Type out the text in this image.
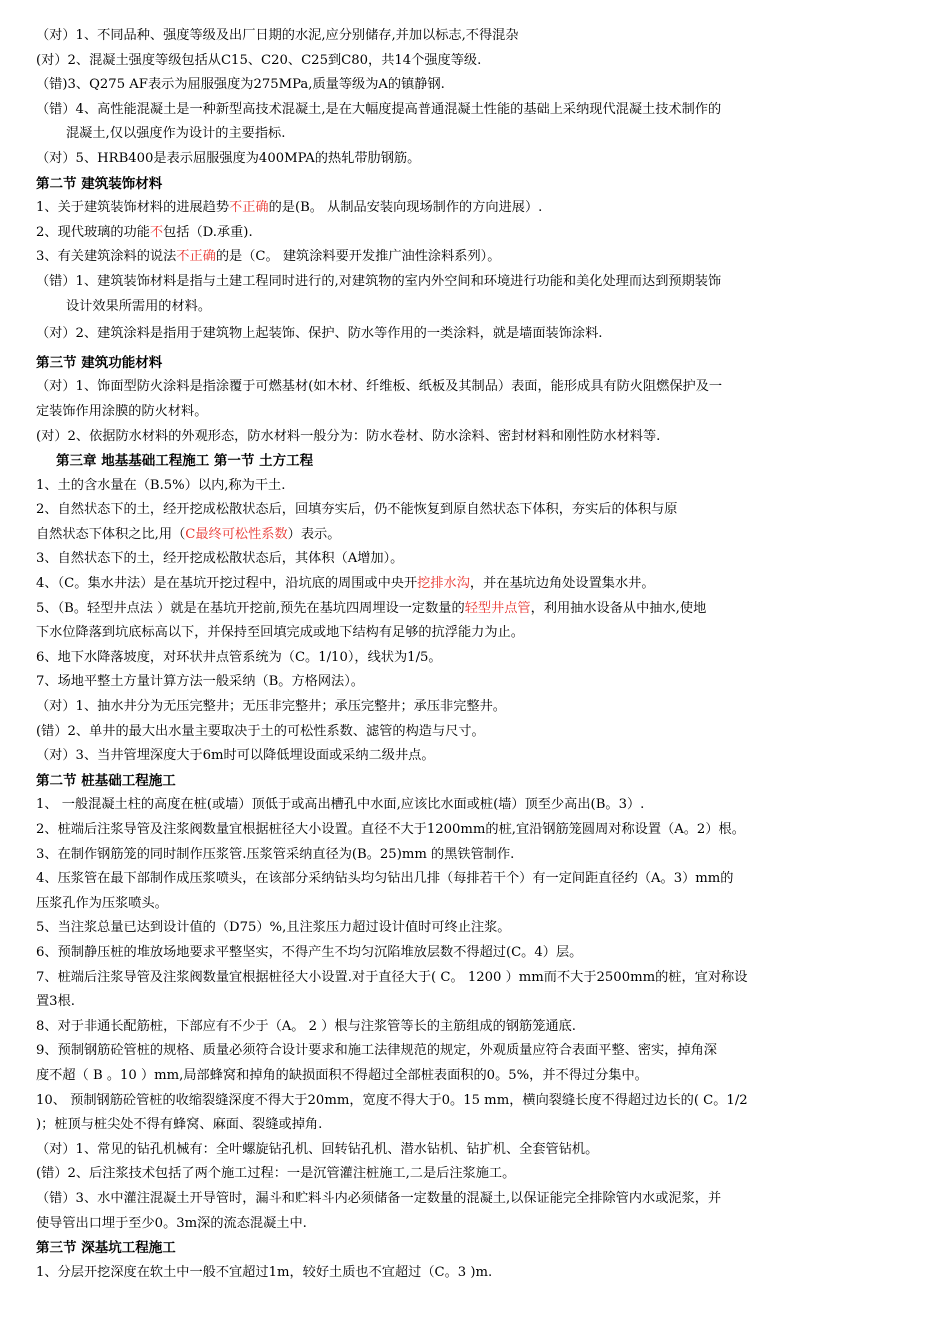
（对）1、不同品种、强度等级及出厂日期的水泥,应分别储存,并加以标志,不得混杂
(对）2、混凝土强度等级包括从C15、C20、C25到C80，共14个强度等级.
（错)3、Q275 AF表示为屈服强度为275MPa,质量等级为A的镇静钢.
（错）4、高性能混凝土是一种新型高技术混凝土,是在大幅度提高普通混凝土性能的基础上采纳现代混凝土技术制作的
混凝土,仅以强度作为设计的主要指标.
（对）5、HRB400是表示屈服强度为400MPA的热轧带肋钢筋。
第二节 建筑装饰材料
1、关于建筑装饰材料的进展趋势不正确的是(B。 从制品安装向现场制作的方向进展）.
2、现代玻璃的功能不包括（D.承重).
3、有关建筑涂料的说法不正确的是（C。 建筑涂料要开发推广油性涂料系列）。
（错）1、建筑装饰材料是指与土建工程同时进行的,对建筑物的室内外空间和环境进行功能和美化处理而达到预期装饰
设计效果所需用的材料。
（对）2、建筑涂料是指用于建筑物上起装饰、保护、防水等作用的一类涂料，就是墙面装饰涂料.
第三节 建筑功能材料
（对）1、饰面型防火涂料是指涂覆于可燃基材(如木材、纤维板、纸板及其制品）表面，能形成具有防火阻燃保护及一
定装饰作用涂膜的防火材料。
(对）2、依据防水材料的外观形态，防水材料一般分为：防水卷材、防水涂料、密封材料和刚性防水材料等.
第三章 地基基础工程施工 第一节 土方工程
1、土的含水量在（B.5%）以内,称为干土.
2、自然状态下的土，经开挖成松散状态后，回填夯实后，仍不能恢复到原自然状态下体积，夯实后的体积与原
自然状态下体积之比,用（C最终可松性系数）表示。
3、自然状态下的土，经开挖成松散状态后，其体积（A增加）。
4、（C。集水井法）是在基坑开挖过程中，沿坑底的周围或中央开挖排水沟，并在基坑边角处设置集水井。
5、（B。轻型井点法 ）就是在基坑开挖前,预先在基坑四周埋设一定数量的轻型井点管，利用抽水设备从中抽水,使地
下水位降落到坑底标高以下，并保持至回填完成或地下结构有足够的抗浮能力为止。
6、地下水降落坡度，对环状井点管系统为（C。1/10），线状为1/5。
7、场地平整土方量计算方法一般采纳（B。方格网法）。
（对）1、抽水井分为无压完整井；无压非完整井；承压完整井；承压非完整井。
(错）2、单井的最大出水量主要取决于土的可松性系数、滤管的构造与尺寸。
（对）3、当井管埋深度大于6m时可以降低埋设面或采纳二级井点。
第二节 桩基础工程施工
1、 一般混凝土柱的高度在桩(或墙）顶低于或高出槽孔中水面,应该比水面或桩(墙）顶至少高出(B。3）.
2、桩端后注浆导管及注浆阀数量宜根据桩径大小设置。直径不大于1200mm的桩,宜沿钢筋笼圆周对称设置（A。2）根。
3、在制作钢筋笼的同时制作压浆管.压浆管采纳直径为(B。25)mm 的黑铁管制作.
4、压浆管在最下部制作成压浆喷头，在该部分采纳钻头均匀钻出几排（每排若干个）有一定间距直径约（A。3）mm的
压浆孔作为压浆喷头。
5、当注浆总量已达到设计值的（D75）%,且注浆压力超过设计值时可终止注浆。
6、预制静压桩的堆放场地要求平整坚实，不得产生不均匀沉陷堆放层数不得超过(C。4）层。
7、桩端后注浆导管及注浆阀数量宜根据桩径大小设置.对于直径大于( C。 1200 ）mm而不大于2500mm的桩，宜对称设
置3根.
8、对于非通长配筋桩，下部应有不少于（A。 2 ）根与注浆管等长的主筋组成的钢筋笼通底.
9、预制钢筋砼管桩的规格、质量必须符合设计要求和施工法律规范的规定，外观质量应符合表面平整、密实，掉角深
度不超（ B 。10 ）mm,局部蜂窝和掉角的缺损面积不得超过全部桩表面积的0。5%，并不得过分集中。
10、 预制钢筋砼管桩的收缩裂缝深度不得大于20mm，宽度不得大于0。15 mm，横向裂缝长度不得超过边长的( C。1/2
)；桩顶与桩尖处不得有蜂窝、麻面、裂缝或掉角.
（对）1、常见的钻孔机械有：全叶螺旋钻孔机、回转钻孔机、潜水钻机、钻扩机、全套管钻机。
(错）2、后注浆技术包括了两个施工过程：一是沉管灌注桩施工,二是后注浆施工。
（错）3、水中灌注混凝土开导管时，漏斗和贮料斗内必须储备一定数量的混凝土,以保证能完全排除管内水或泥浆，并
使导管出口埋于至少0。3m深的流态混凝土中.
第三节 深基坑工程施工
1、分层开挖深度在软土中一般不宜超过1m，较好土质也不宜超过（C。3 )m.
